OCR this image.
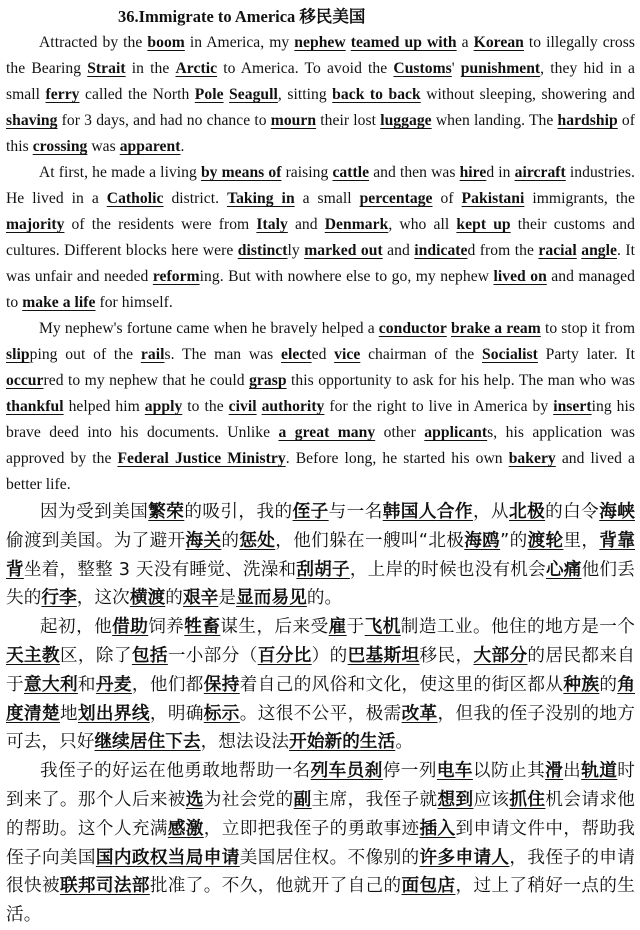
36.Immigrate to America 移民美国

Attracted by the boom in America, my nephew teamed up with a Korean to illegally cross the Bearing Strait in the Arctic to America. To avoid the Customs' punishment, they hid in a small ferry called the North Pole Seagull, sitting back to back without sleeping, showering and shaving for 3 days, and had no chance to mourn their lost luggage when landing. The hardship of this crossing was apparent.

At first, he made a living by means of raising cattle and then was hired in aircraft industries. He lived in a Catholic district. Taking in a small percentage of Pakistani immigrants, the majority of the residents were from Italy and Denmark, who all kept up their customs and cultures. Different blocks here were distinctly marked out and indicated from the racial angle. It was unfair and needed reforming. But with nowhere else to go, my nephew lived on and managed to make a life for himself.

My nephew's fortune came when he bravely helped a conductor brake a ream to stop it from slipping out of the rails. The man was elected vice chairman of the Socialist Party later. It occurred to my nephew that he could grasp this opportunity to ask for his help. The man who was thankful helped him apply to the civil authority for the right to live in America by inserting his brave deed into his documents. Unlike a great many other applicants, his application was approved by the Federal Justice Ministry. Before long, he started his own bakery and lived a better life.

因为受到美国繁荣的吸引，我的侄子与一名韩国人合作，从北极的白令海峡偷渡到美国。为了避开海关的惩处，他们躲在一艘叫“北极海鸥”的渡轮里，背靠背坐着，整整 3 天没有睡觉、洗澡和刮胡子，上岸的时候也没有机会心痛他们丢失的行李，这次横渡的艰辛是显而易见的。

起初，他借助饲养牲畜谋生，后来受雇于飞机制造工业。他住的地方是一个天主教区，除了包括一小部分（百分比）的巴基斯坦移民，大部分的居民都来自于意大利和丹麦，他们都保持着自己的风俗和文化，使这里的街区都从种族的角度清楚地划出界线，明确标示。这很不公平，极需改革，但我的侄子没别的地方可去，只好继续居住下去，想法设法开始新的生活。

我侄子的好运在他勇敢地帮助一名列车员刹停一列电车以防止其滑出轨道时到来了。那个人后来被选为社会党的副主席，我侄子就想到应该抓住机会请求他的帮助。这个人充满感激，立即把我侄子的勇敢事迹插入到申请文件中，帮助我侄子向美国国内政权当局申请美国居住权。不像别的许多申请人，我侄子的申请很快被联邦司法部批准了。不久，他就开了自己的面包店，过上了稍好一点的生活。
